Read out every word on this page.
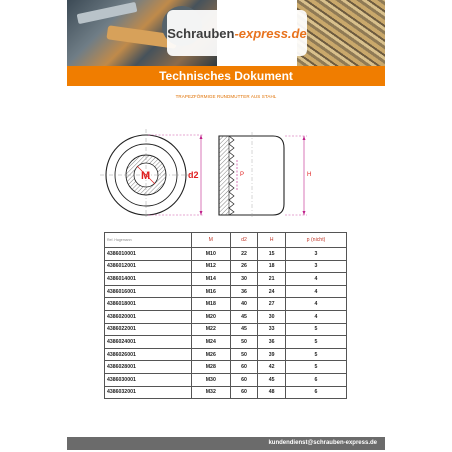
Schrauben-express.de
Technisches Dokument
TRAPEZFÖRMIGE RUNDMUTTER AUS STAHL
M	d2	P	H
Ref. Hagemann	M	d2	H	p (nicht)
4386010001	M10	22	15	3
4386012001	M12	26	18	3
4386014001	M14	30	21	4
4386016001	M16	36	24	4
4386018001	M18	40	27	4
4386020001	M20	45	30	4
4386022001	M22	45	33	5
4386024001	M24	50	36	5
4386026001	M26	50	39	5
4386028001	M28	60	42	5
4386030001	M30	60	45	6
4386032001	M32	60	48	6
kundendienst@schrauben-express.de
